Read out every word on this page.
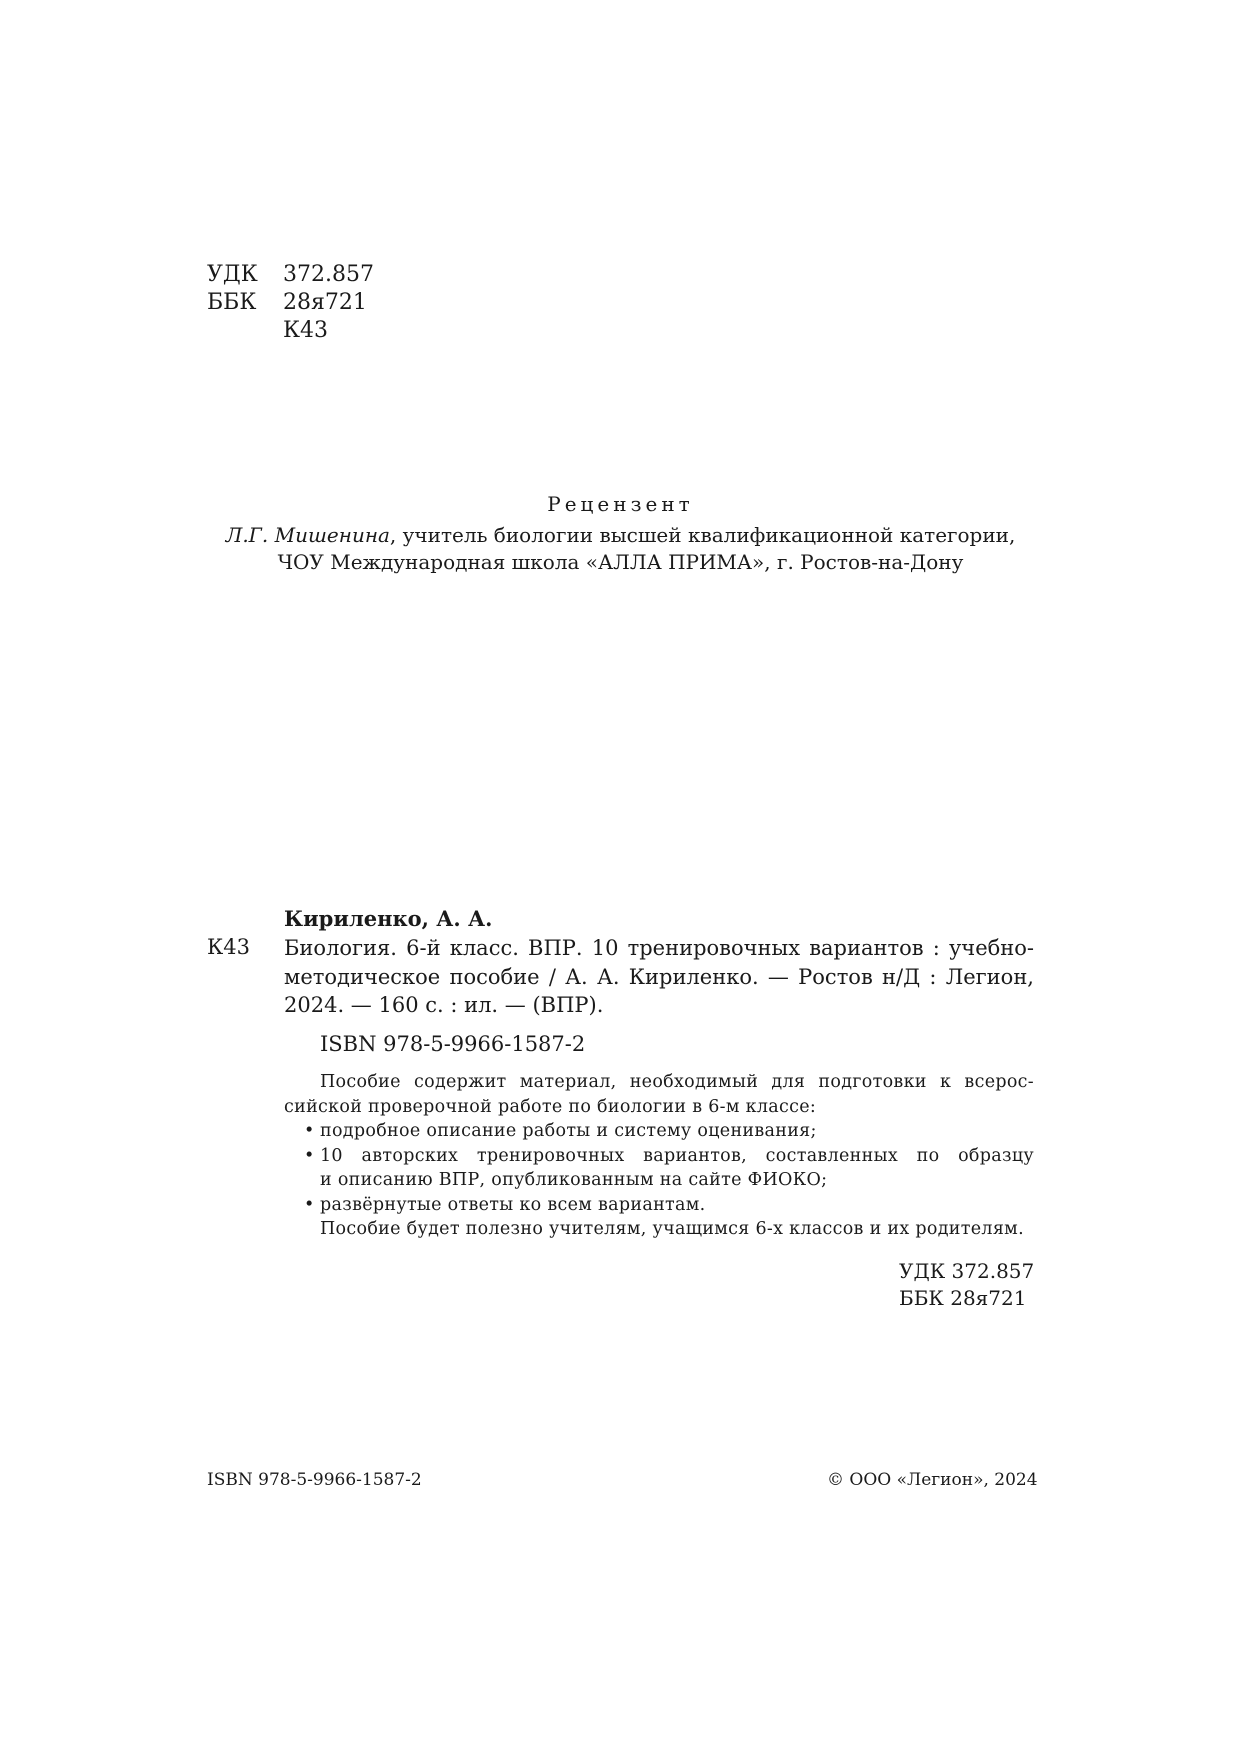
УДК 372.857
ББК 28я721
К43
Рецензент
Л.Г. Мишенина, учитель биологии высшей квалификационной категории,
ЧОУ Международная школа «АЛЛА ПРИМА», г. Ростов-на-Дону
Кириленко, А. А.
К43 Биология. 6-й класс. ВПР. 10 тренировочных вариантов : учебно-
методическое пособие / А. А. Кириленко. — Ростов н/Д : Легион,
2024. — 160 с. : ил. — (ВПР).
ISBN 978-5-9966-1587-2
Пособие содержит материал, необходимый для подготовки к всерос-
сийской проверочной работе по биологии в 6-м классе:
• подробное описание работы и систему оценивания;
• 10 авторских тренировочных вариантов, составленных по образцу
и описанию ВПР, опубликованным на сайте ФИОКО;
• развёрнутые ответы ко всем вариантам.
Пособие будет полезно учителям, учащимся 6-х классов и их родителям.
УДК 372.857
ББК 28я721
ISBN 978-5-9966-1587-2	© ООО «Легион», 2024
